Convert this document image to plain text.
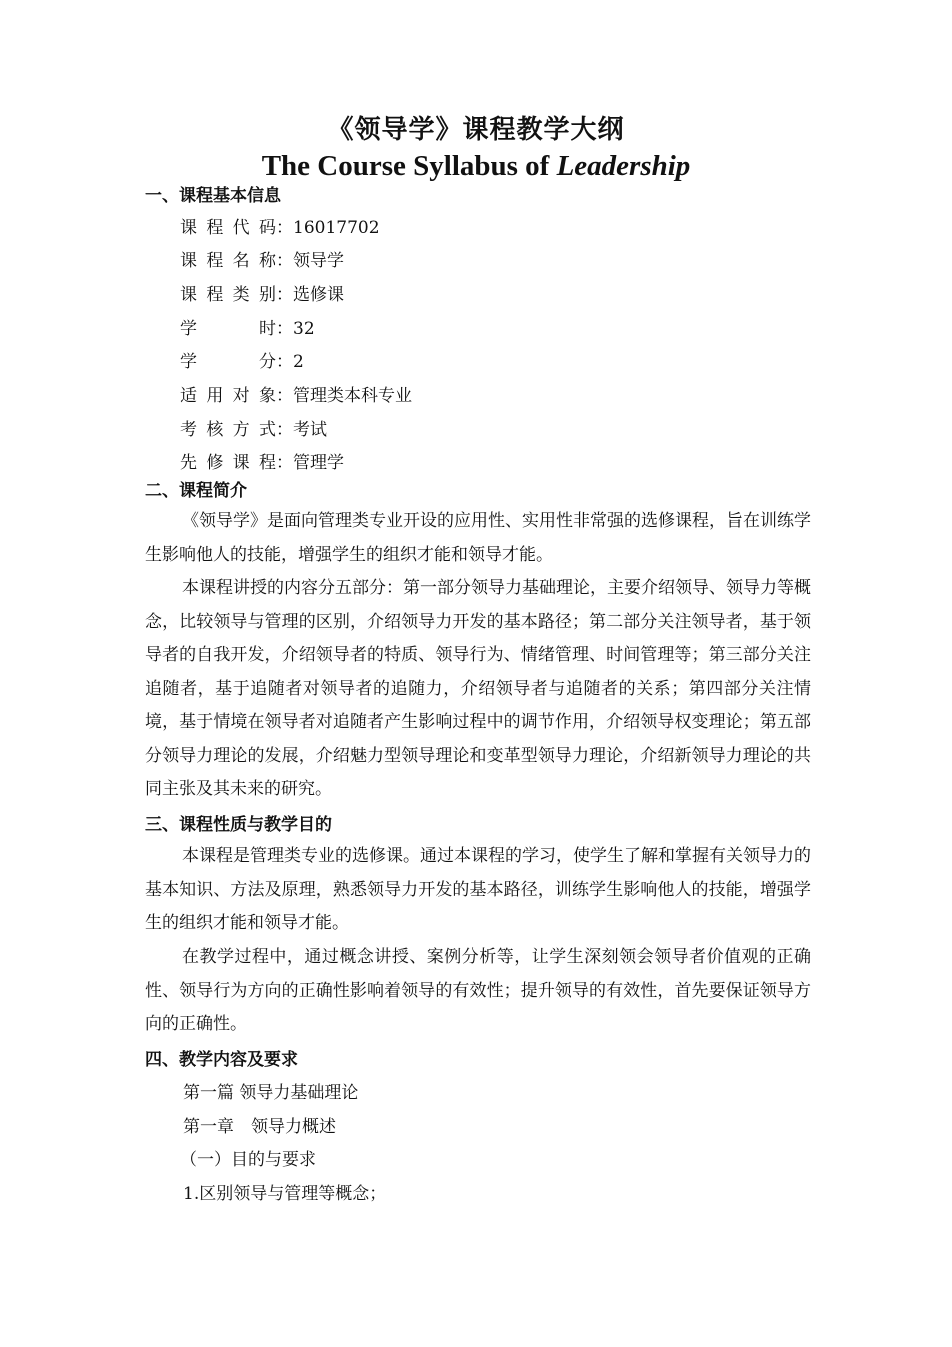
《领导学》课程教学大纲
The Course Syllabus of Leadership
一、课程基本信息
课程代码：16017702
课程名称：领导学
课程类别：选修课
学　　时：32
学　　分：2
适用对象：管理类本科专业
考核方式：考试
先修课程：管理学
二、课程简介

《领导学》是面向管理类专业开设的应用性、实用性非常强的选修课程，旨在训练学生影响他人的技能，增强学生的组织才能和领导才能。

本课程讲授的内容分五部分：第一部分领导力基础理论，主要介绍领导、领导力等概念，比较领导与管理的区别，介绍领导力开发的基本路径；第二部分关注领导者，基于领导者的自我开发，介绍领导者的特质、领导行为、情绪管理、时间管理等；第三部分关注追随者，基于追随者对领导者的追随力，介绍领导者与追随者的关系；第四部分关注情境，基于情境在领导者对追随者产生影响过程中的调节作用，介绍领导权变理论；第五部分领导力理论的发展，介绍魅力型领导理论和变革型领导力理论，介绍新领导力理论的共同主张及其未来的研究。

三、课程性质与教学目的

本课程是管理类专业的选修课。通过本课程的学习，使学生了解和掌握有关领导力的基本知识、方法及原理，熟悉领导力开发的基本路径，训练学生影响他人的技能，增强学生的组织才能和领导才能。

在教学过程中，通过概念讲授、案例分析等，让学生深刻领会领导者价值观的正确性、领导行为方向的正确性影响着领导的有效性；提升领导的有效性，首先要保证领导方向的正确性。

四、教学内容及要求
第一篇 领导力基础理论
第一章　领导力概述
（一）目的与要求
1.区别领导与管理等概念；
